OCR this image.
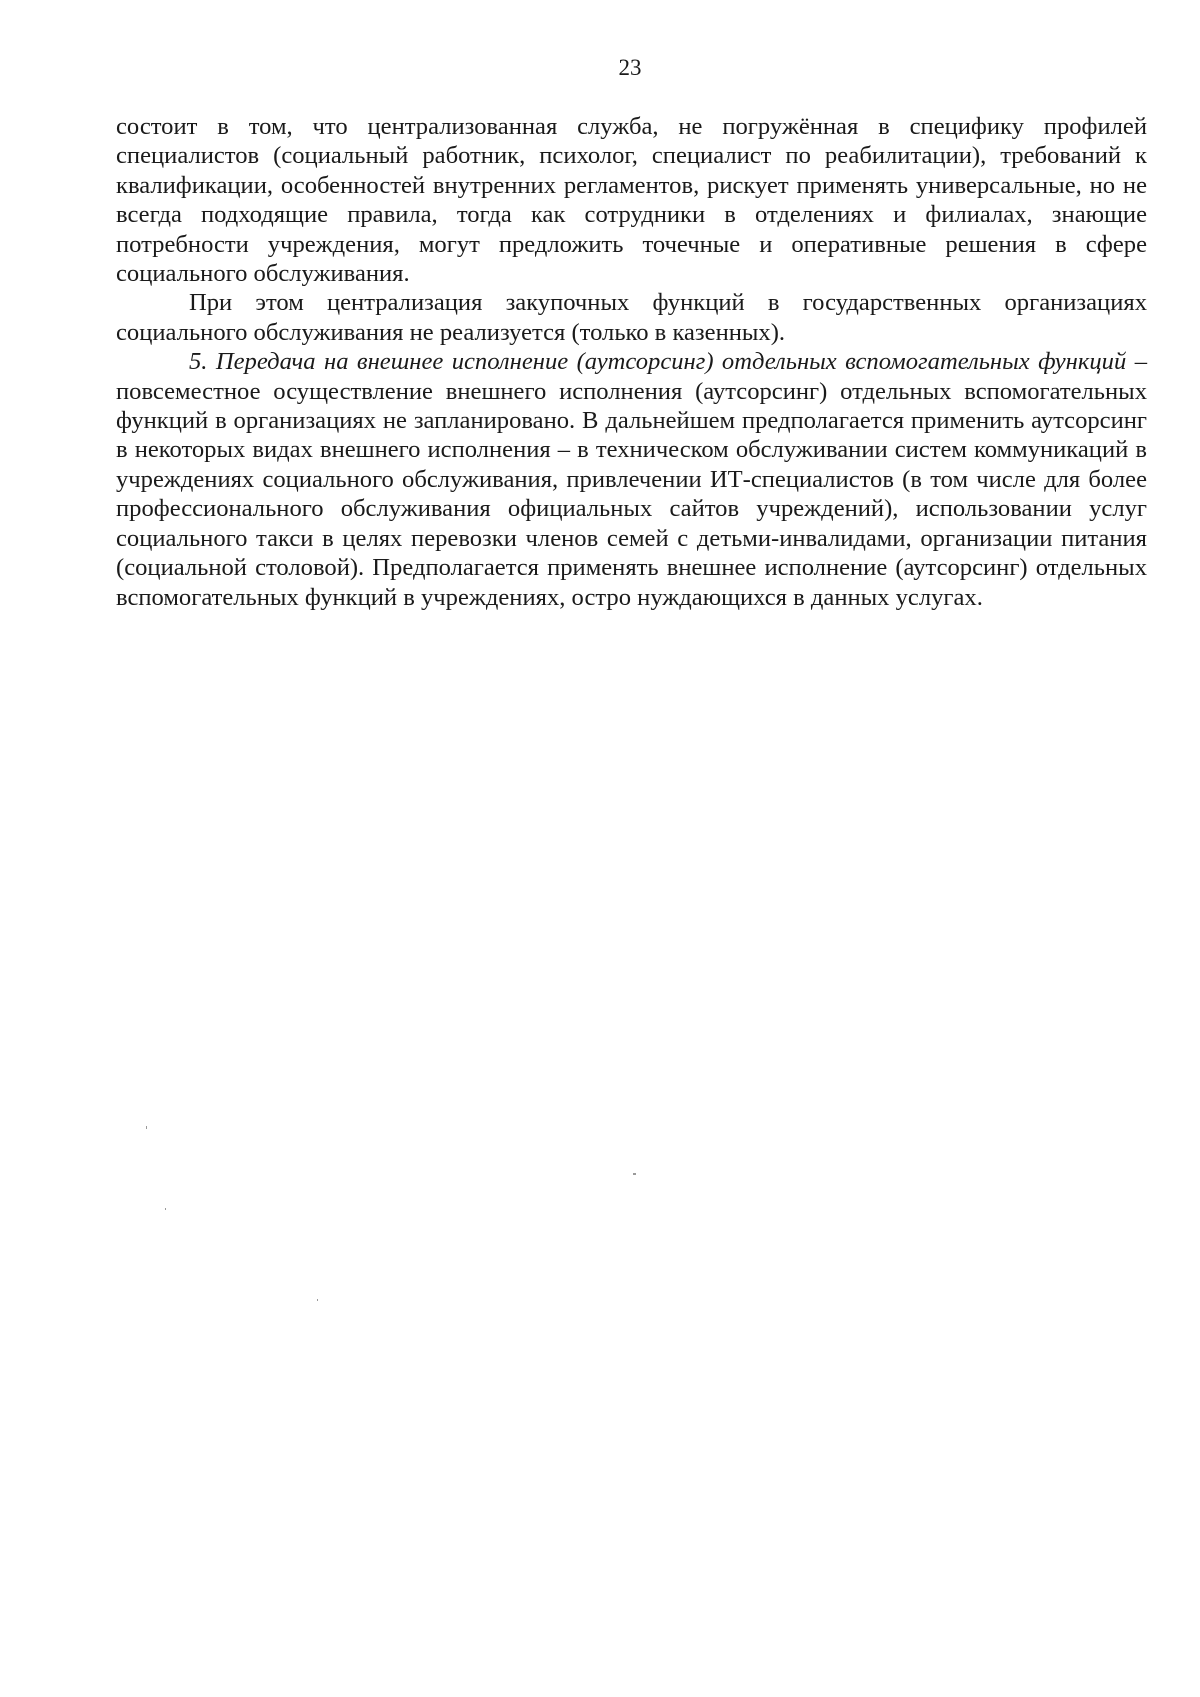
23

состоит в том, что централизованная служба, не погружённая в специфику профилей специалистов (социальный работник, психолог, специалист по реабилитации), требований к квалификации, особенностей внутренних регламентов, рискует применять универсальные, но не всегда подходящие правила, тогда как сотрудники в отделениях и филиалах, знающие потребности учреждения, могут предложить точечные и оперативные решения в сфере социального обслуживания.

При этом централизация закупочных функций в государственных организациях социального обслуживания не реализуется (только в казенных).

5. Передача на внешнее исполнение (аутсорсинг) отдельных вспомогательных функций – повсеместное осуществление внешнего исполнения (аутсорсинг) отдельных вспомогательных функций в организациях не запланировано. В дальнейшем предполагается применить аутсорсинг в некоторых видах внешнего исполнения – в техническом обслуживании систем коммуникаций в учреждениях социального обслуживания, привлечении ИТ-специалистов (в том числе для более профессионального обслуживания официальных сайтов учреждений), использовании услуг социального такси в целях перевозки членов семей с детьми-инвалидами, организации питания (социальной столовой). Предполагается применять внешнее исполнение (аутсорсинг) отдельных вспомогательных функций в учреждениях, остро нуждающихся в данных услугах.
